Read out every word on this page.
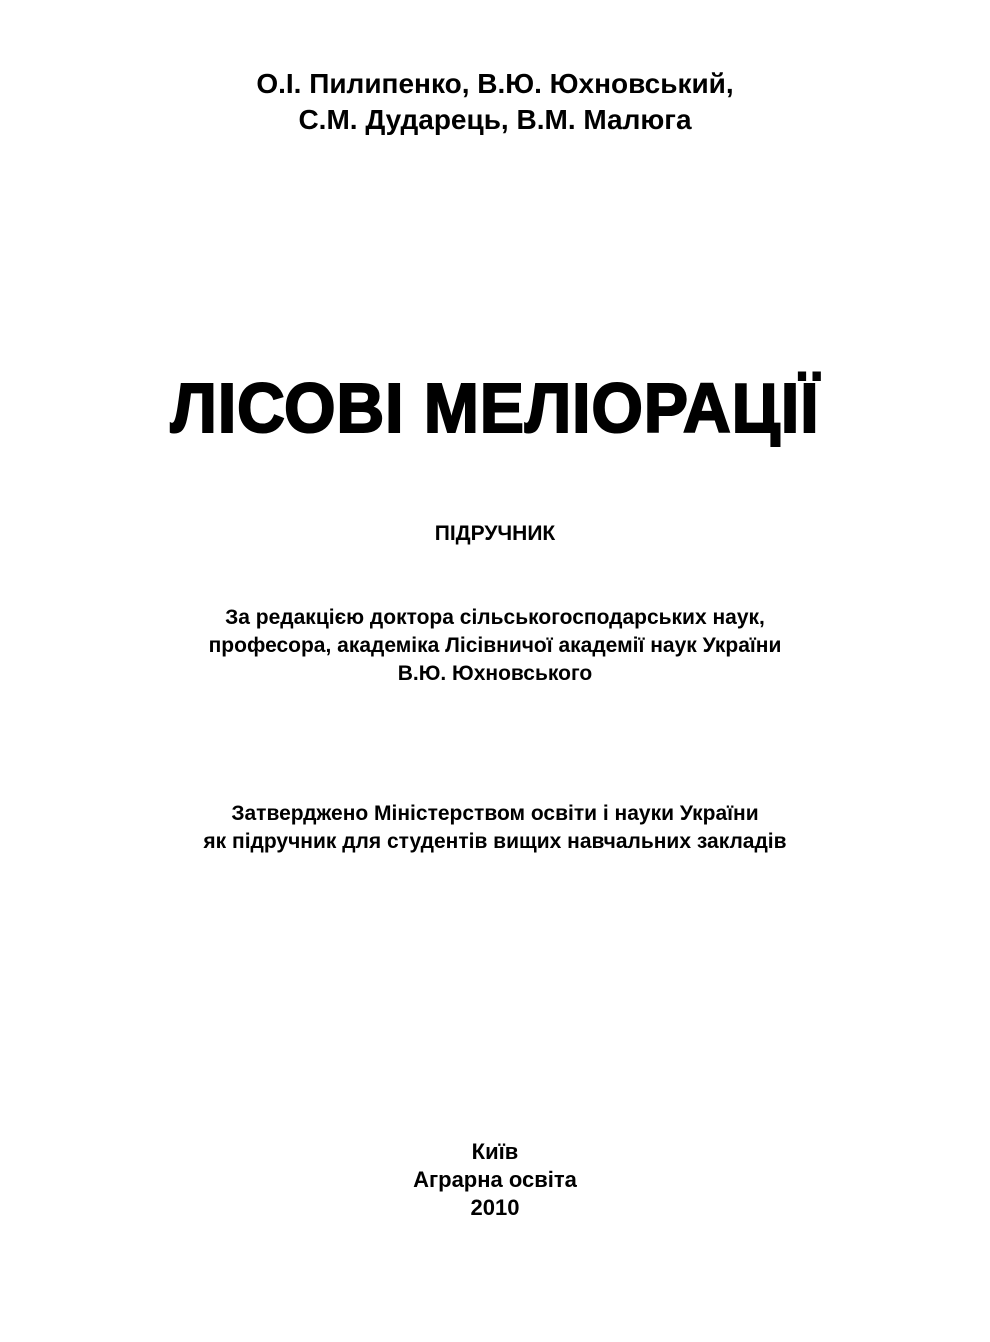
О.І. Пилипенко, В.Ю. Юхновський,

С.М. Дударець, В.М. Малюга

ЛІСОВІ МЕЛІОРАЦІЇ

ПІДРУЧНИК

За редакцією доктора сільськогосподарських наук,

професора, академіка Лісівничої академії наук України

В.Ю. Юхновського

Затверджено Міністерством освіти і науки України

як підручник для студентів вищих навчальних закладів

Київ

Аграрна освіта

2010
